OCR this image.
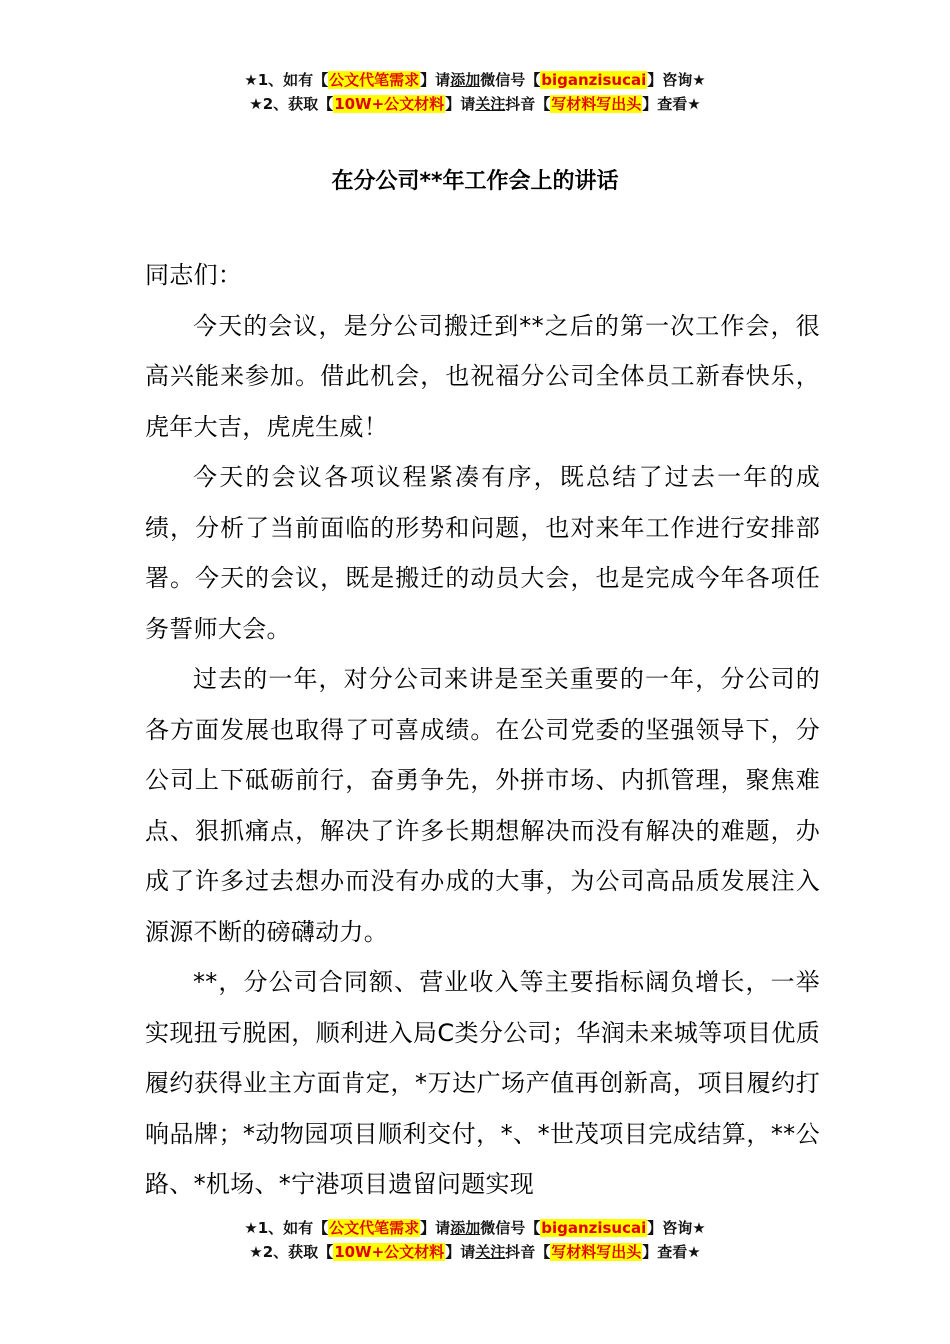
★1、如有【公文代笔需求】请添加微信号【biganzisucai】咨询★
★2、获取【10W+公文材料】请关注抖音【写材料写出头】查看★
在分公司**年工作会上的讲话

同志们：

今天的会议，是分公司搬迁到**之后的第一次工作会，很高兴能来参加。借此机会，也祝福分公司全体员工新春快乐，虎年大吉，虎虎生威！

今天的会议各项议程紧凑有序，既总结了过去一年的成绩，分析了当前面临的形势和问题，也对来年工作进行安排部署。今天的会议，既是搬迁的动员大会，也是完成今年各项任务誓师大会。

过去的一年，对分公司来讲是至关重要的一年，分公司的各方面发展也取得了可喜成绩。在公司党委的坚强领导下，分公司上下砥砺前行，奋勇争先，外拼市场、内抓管理，聚焦难点、狠抓痛点，解决了许多长期想解决而没有解决的难题，办成了许多过去想办而没有办成的大事，为公司高品质发展注入源源不断的磅礴动力。

**，分公司合同额、营业收入等主要指标阔负增长，一举实现扭亏脱困，顺利进入局C类分公司；华润未来城等项目优质履约获得业主方面肯定，*万达广场产值再创新高，项目履约打响品牌；*动物园项目顺利交付，*、*世茂项目完成结算，**公路、*机场、*宁港项目遗留问题实现

★1、如有【公文代笔需求】请添加微信号【biganzisucai】咨询★
★2、获取【10W+公文材料】请关注抖音【写材料写出头】查看★
